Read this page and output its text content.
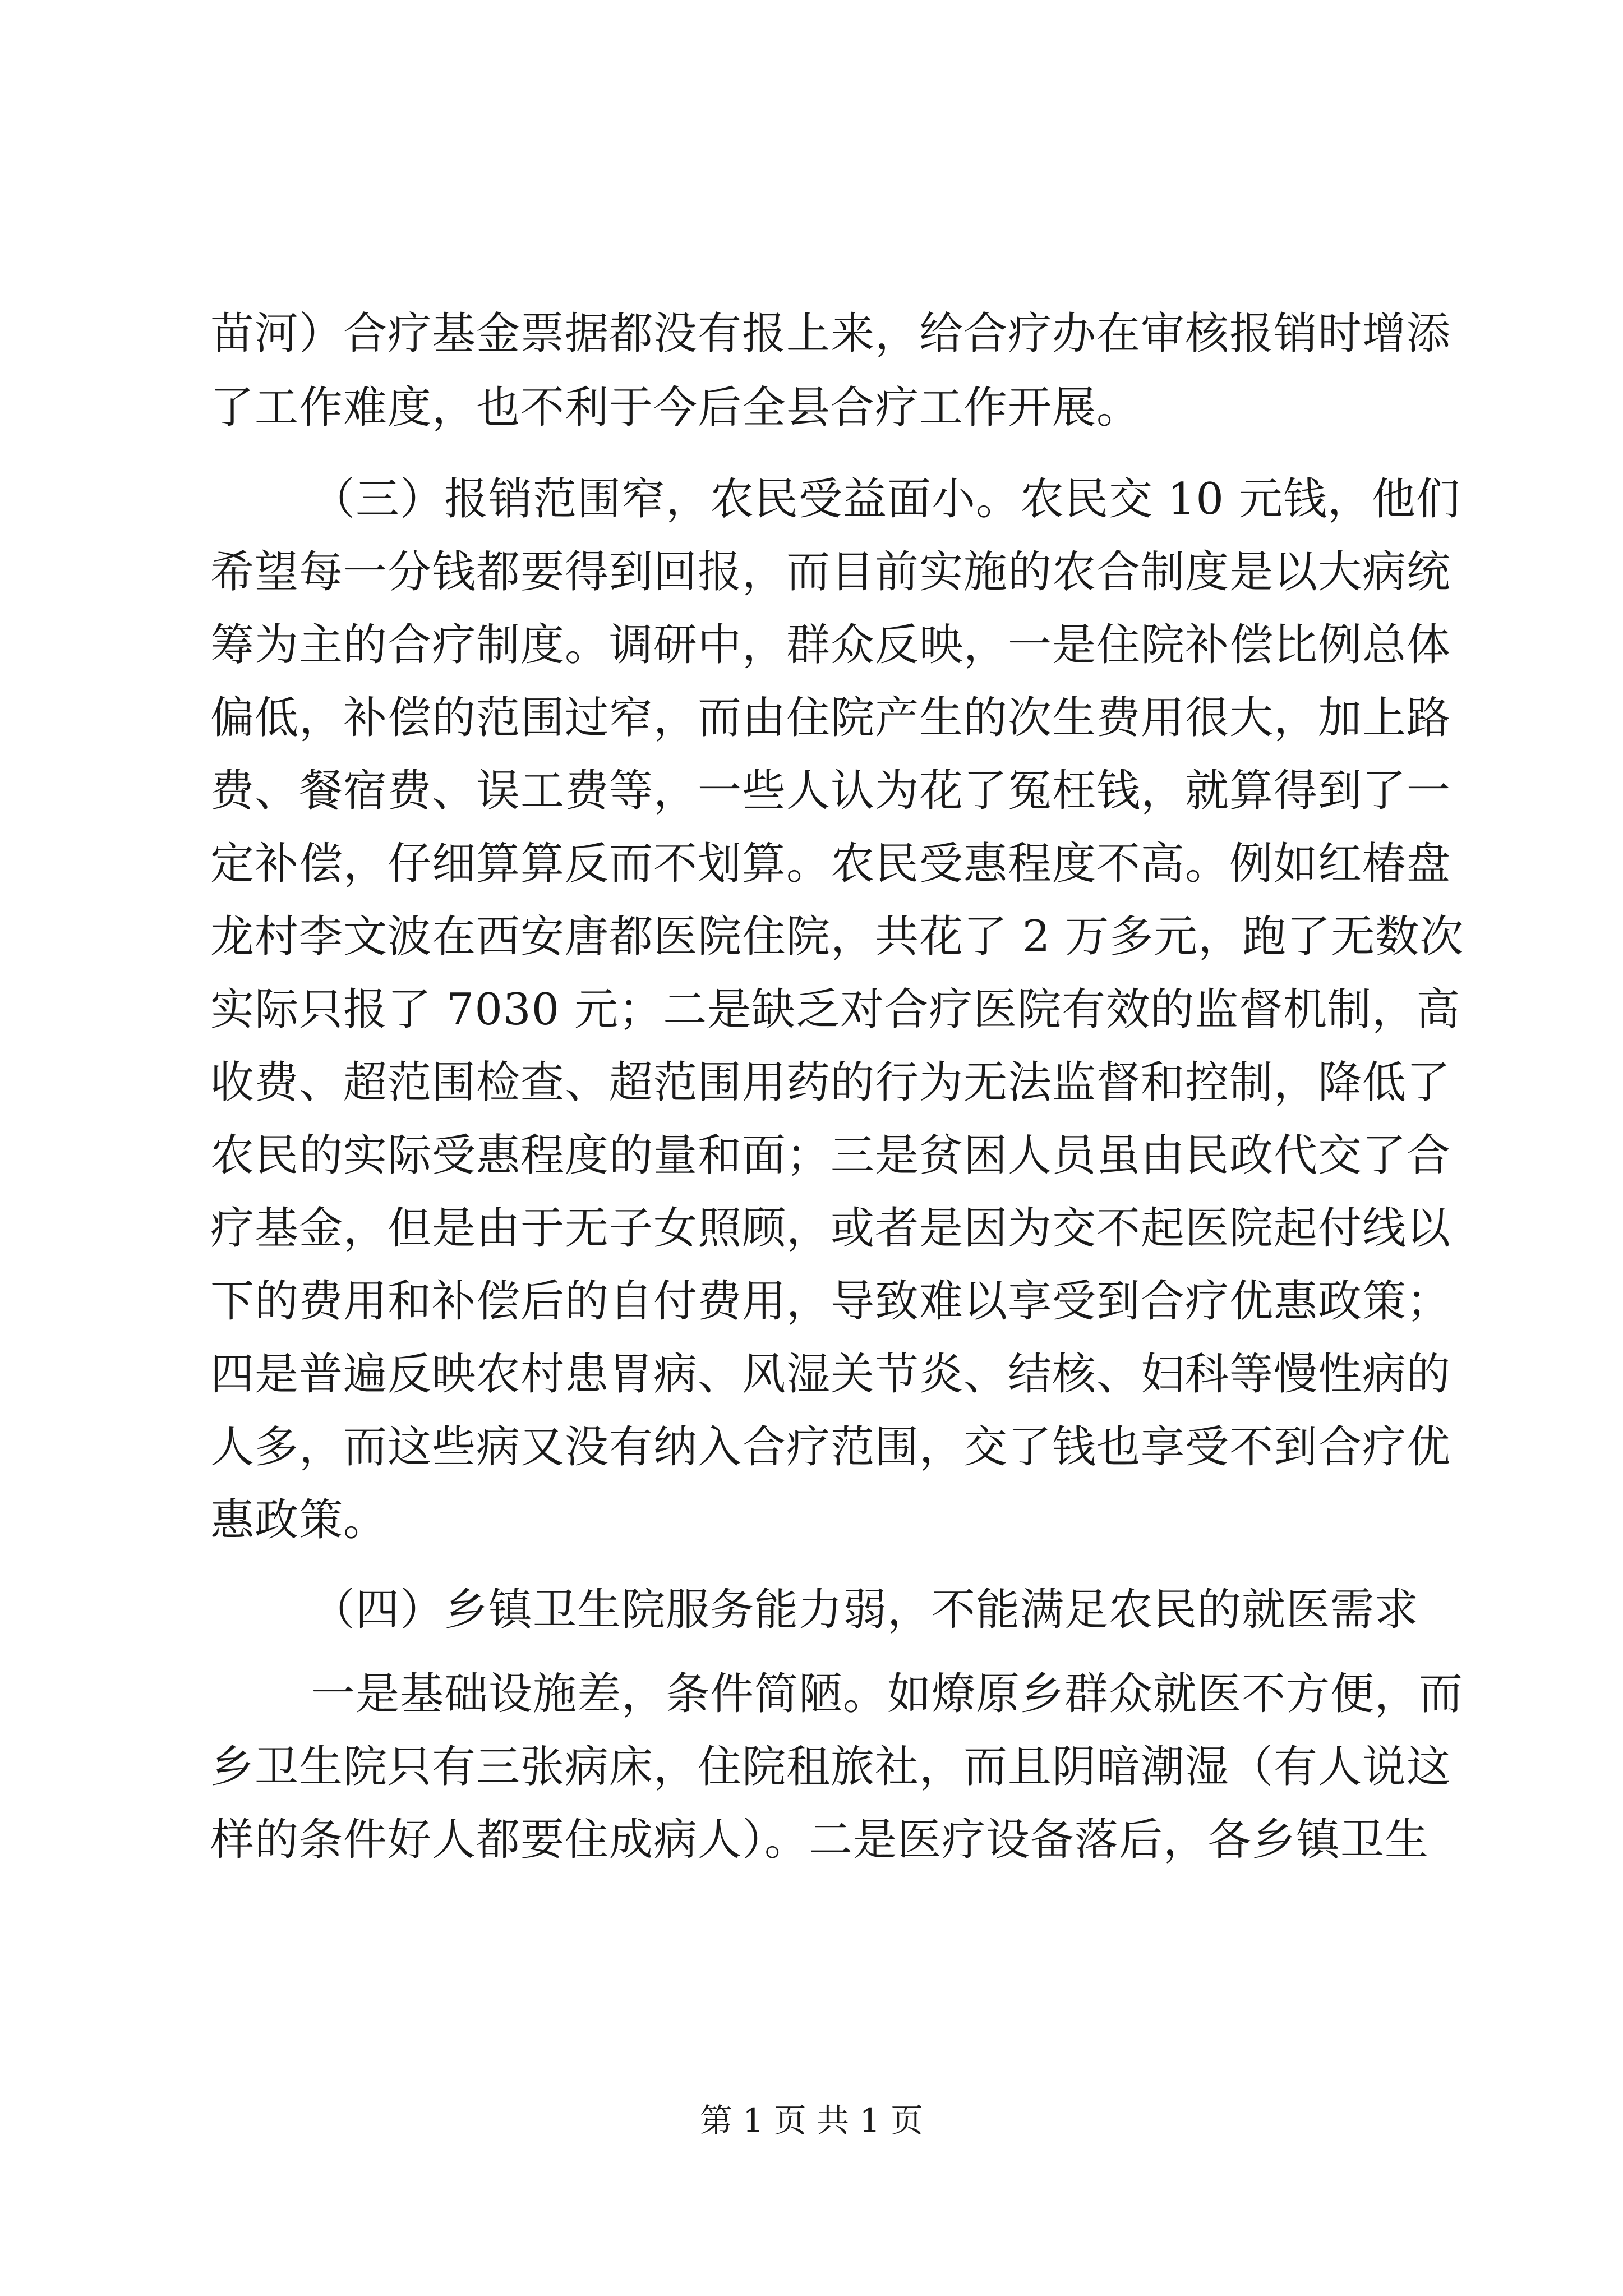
苗河）合疗基金票据都没有报上来，给合疗办在审核报销时增添
了工作难度，也不利于今后全县合疗工作开展。
（三）报销范围窄，农民受益面小。农民交 10 元钱，他们
希望每一分钱都要得到回报，而目前实施的农合制度是以大病统
筹为主的合疗制度。调研中，群众反映，一是住院补偿比例总体
偏低，补偿的范围过窄，而由住院产生的次生费用很大，加上路
费、餐宿费、误工费等，一些人认为花了冤枉钱，就算得到了一
定补偿，仔细算算反而不划算。农民受惠程度不高。例如红椿盘
龙村李文波在西安唐都医院住院，共花了 2 万多元，跑了无数次
实际只报了 7030 元；二是缺乏对合疗医院有效的监督机制，高
收费、超范围检查、超范围用药的行为无法监督和控制，降低了
农民的实际受惠程度的量和面；三是贫困人员虽由民政代交了合
疗基金，但是由于无子女照顾，或者是因为交不起医院起付线以
下的费用和补偿后的自付费用，导致难以享受到合疗优惠政策；
四是普遍反映农村患胃病、风湿关节炎、结核、妇科等慢性病的
人多，而这些病又没有纳入合疗范围，交了钱也享受不到合疗优
惠政策。
（四）乡镇卫生院服务能力弱，不能满足农民的就医需求
一是基础设施差，条件简陋。如燎原乡群众就医不方便，而
乡卫生院只有三张病床，住院租旅社，而且阴暗潮湿（有人说这
样的条件好人都要住成病人）。二是医疗设备落后，各乡镇卫生
第 1 页 共 1 页
